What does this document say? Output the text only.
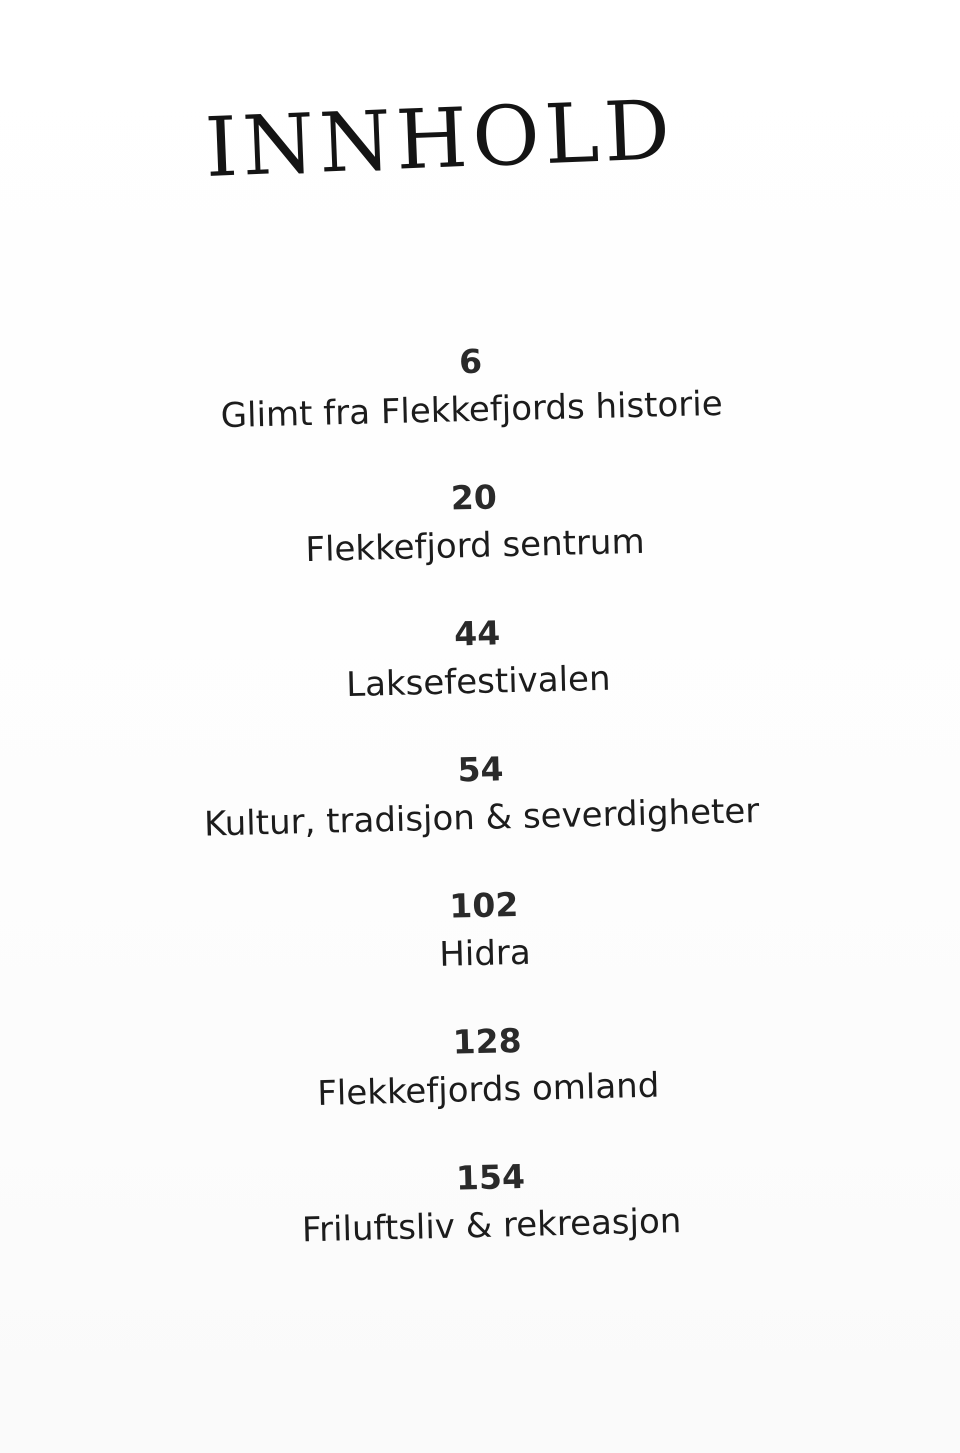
INNHOLD
6
Glimt fra Flekkefjords historie
20
Flekkefjord sentrum
44
Laksefestivalen
54
Kultur, tradisjon & severdigheter
102
Hidra
128
Flekkefjords omland
154
Friluftsliv & rekreasjon
